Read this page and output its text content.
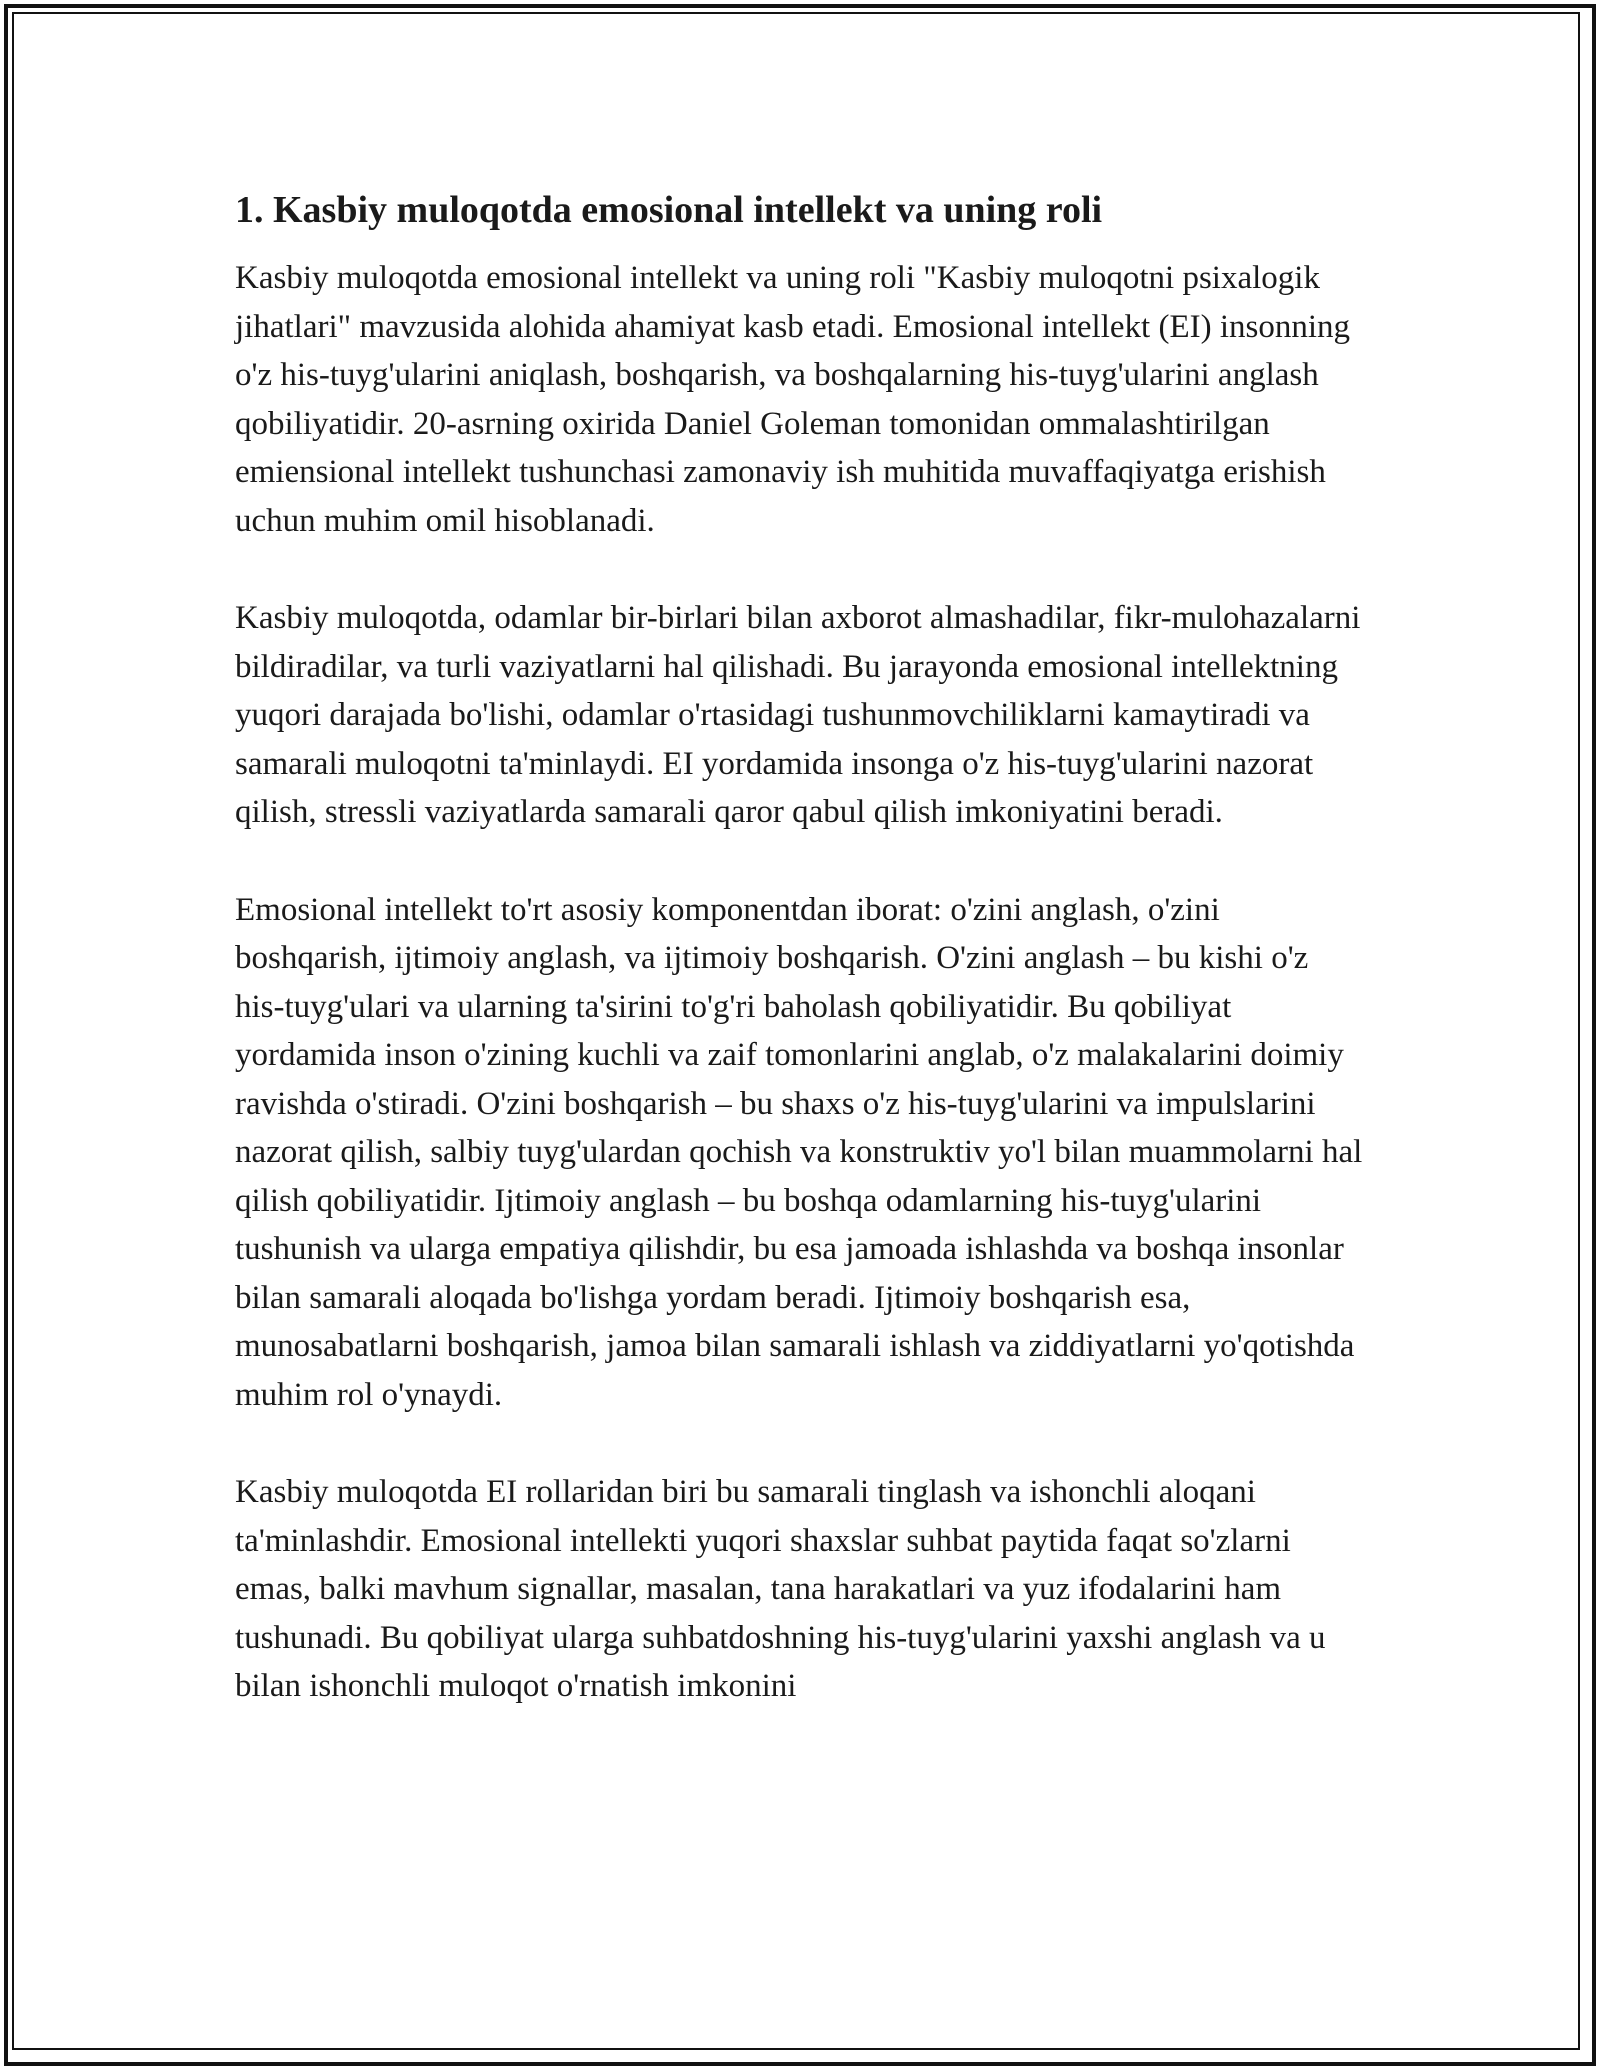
1. Kasbiy muloqotda emosional intellekt va uning roli

Kasbiy muloqotda emosional intellekt va uning roli "Kasbiy muloqotni psixalogik jihatlari" mavzusida alohida ahamiyat kasb etadi. Emosional intellekt (EI) insonning o'z his-tuyg'ularini aniqlash, boshqarish, va boshqalarning his-tuyg'ularini anglash qobiliyatidir. 20-asrning oxirida Daniel Goleman tomonidan ommalashtirilgan emiensional intellekt tushunchasi zamonaviy ish muhitida muvaffaqiyatga erishish uchun muhim omil hisoblanadi.

Kasbiy muloqotda, odamlar bir-birlari bilan axborot almashadilar, fikr-mulohazalarni bildiradilar, va turli vaziyatlarni hal qilishadi. Bu jarayonda emosional intellektning yuqori darajada bo'lishi, odamlar o'rtasidagi tushunmovchiliklarni kamaytiradi va samarali muloqotni ta'minlaydi. EI yordamida insonga o'z his-tuyg'ularini nazorat qilish, stressli vaziyatlarda samarali qaror qabul qilish imkoniyatini beradi.

Emosional intellekt to'rt asosiy komponentdan iborat: o'zini anglash, o'zini boshqarish, ijtimoiy anglash, va ijtimoiy boshqarish. O'zini anglash – bu kishi o'z his-tuyg'ulari va ularning ta'sirini to'g'ri baholash qobiliyatidir. Bu qobiliyat yordamida inson o'zining kuchli va zaif tomonlarini anglab, o'z malakalarini doimiy ravishda o'stiradi. O'zini boshqarish – bu shaxs o'z his-tuyg'ularini va impulslarini nazorat qilish, salbiy tuyg'ulardan qochish va konstruktiv yo'l bilan muammolarni hal qilish qobiliyatidir. Ijtimoiy anglash – bu boshqa odamlarning his-tuyg'ularini tushunish va ularga empatiya qilishdir, bu esa jamoada ishlashda va boshqa insonlar bilan samarali aloqada bo'lishga yordam beradi. Ijtimoiy boshqarish esa, munosabatlarni boshqarish, jamoa bilan samarali ishlash va ziddiyatlarni yo'qotishda muhim rol o'ynaydi.

Kasbiy muloqotda EI rollaridan biri bu samarali tinglash va ishonchli aloqani ta'minlashdir. Emosional intellekti yuqori shaxslar suhbat paytida faqat so'zlarni emas, balki mavhum signallar, masalan, tana harakatlari va yuz ifodalarini ham tushunadi. Bu qobiliyat ularga suhbatdoshning his-tuyg'ularini yaxshi anglash va u bilan ishonchli muloqot o'rnatish imkonini
